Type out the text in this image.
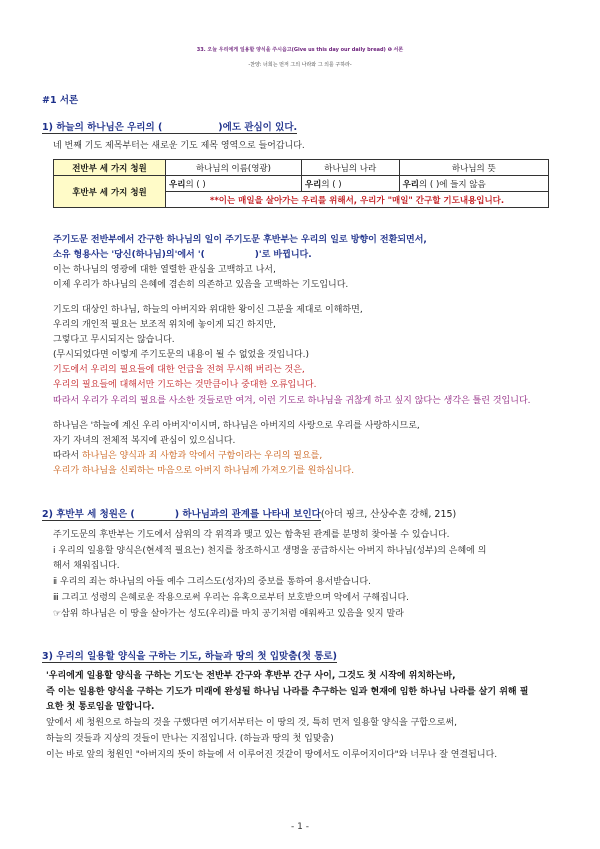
33. 오늘 우리에게 일용할 양식을 주시옵고(Give us this day our daily bread) ❶ 서론
-찬양: 너희는 먼저 그의 나라와 그 의를 구하라-
#1 서론
1) 하늘의 하나님은 우리의 (	)에도 관심이 있다.
네 번째 기도 제목부터는 새로운 기도 제목 영역으로 들어갑니다.
전반부 세 가지 청원	하나님의 이름(영광)	하나님의 나라	하나님의 뜻
후반부 세 가지 청원	우리의 ( )	우리의 ( )	우리의 ( )에 들지 않음
	**이는 매일을 살아가는 우리를 위해서, 우리가 "매일" 간구할 기도내용입니다.		
주기도문 전반부에서 간구한 하나님의 일이 주기도문 후반부는 우리의 일로 방향이 전환되면서,
소유 형용사는 '당신(하나님)의'에서 '(	)'로 바뀝니다.
이는 하나님의 영광에 대한 열렬한 관심을 고백하고 나서,
이제 우리가 하나님의 은혜에 겸손히 의존하고 있음을 고백하는 기도입니다.
기도의 대상인 하나님, 하늘의 아버지와 위대한 왕이신 그분을 제대로 이해하면,
우리의 개인적 필요는 보조적 위치에 놓이게 되긴 하지만,
그렇다고 무시되지는 않습니다.
(무시되었다면 이렇게 주기도문의 내용이 될 수 없었을 것입니다.)
기도에서 우리의 필요들에 대한 언급을 전혀 무시해 버리는 것은,
우리의 필요들에 대해서만 기도하는 것만큼이나 중대한 오류입니다.
따라서 우리가 우리의 필요를 사소한 것들로만 여겨, 이런 기도로 하나님을 귀찮게 하고 싶지 않다는 생각은 틀린 것입니다.
하나님은 '하늘에 계신 우리 아버지'이시며, 하나님은 아버지의 사랑으로 우리를 사랑하시므로,
자기 자녀의 전체적 복지에 관심이 있으십니다.
따라서 하나님은 양식과 죄 사함과 악에서 구함이라는 우리의 필요를,
우리가 하나님을 신뢰하는 마음으로 아버지 하나님께 가져오기를 원하십니다.
2) 후반부 세 청원은 (	) 하나님과의 관계를 나타내 보인다(아더 핑크, 산상수훈 강해, 215)
주기도문의 후반부는 기도에서 삼위의 각 위격과 맺고 있는 함축된 관계를 분명히 찾아볼 수 있습니다.
ⅰ 우리의 일용할 양식은(현세적 필요는) 천지를 창조하시고 생명을 공급하시는 아버지 하나님(성부)의 은혜에 의
해서 채워집니다.
ⅱ 우리의 죄는 하나님의 아들 예수 그리스도(성자)의 중보를 통하여 용서받습니다.
ⅲ 그리고 성령의 은혜로운 작용으로써 우리는 유혹으로부터 보호받으며 악에서 구해집니다.
☞삼위 하나님은 이 땅을 살아가는 성도(우리)를 마치 공기처럼 애워싸고 있음을 잊지 말라
3) 우리의 일용할 양식을 구하는 기도, 하늘과 땅의 첫 입맞춤(첫 통로)
'우리에게 일용할 양식을 구하는 기도'는 전반부 간구와 후반부 간구 사이, 그것도 첫 시작에 위치하는바,
즉 이는 일용한 양식을 구하는 기도가 미래에 완성될 하나님 나라를 추구하는 일과 현재에 임한 하나님 나라를 살기 위해 필
요한 첫 통로임을 말합니다.
앞에서 세 청원으로 하늘의 것을 구했다면 여기서부터는 이 땅의 것, 특히 먼저 일용할 양식을 구합으로써,
하늘의 것들과 지상의 것들이 만나는 지점입니다. (하늘과 땅의 첫 입맞춤)
이는 바로 앞의 청원인 "아버지의 뜻이 하늘에 서 이루어진 것같이 땅에서도 이루어지이다"와 너무나 잘 연결됩니다.
- 1 -
